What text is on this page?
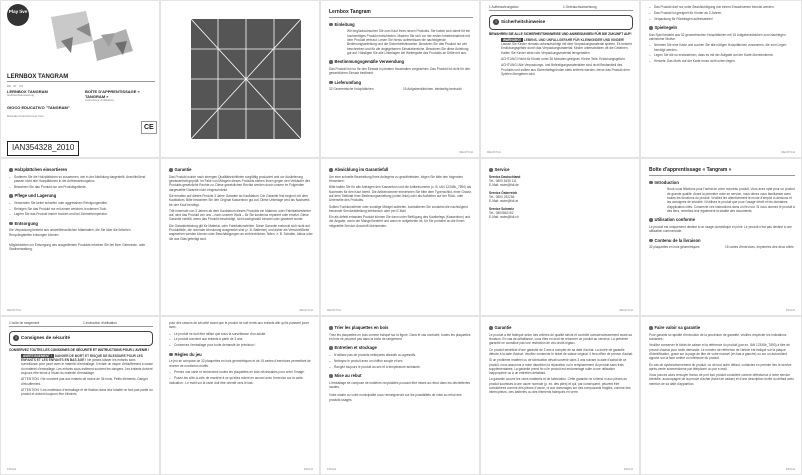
Play tive
LERNBOX TANGRAM
DE · AT · CH
LERNBOX TANGRAM
Gebrauchsanweisung
BOÎTE D'APPRENTISSAGE « TANGRAM »
Instructions d'utilisation
GIOCO EDUCATIVO "TANGRAM"
Manuale di istruzioni per l'uso
CE
IAN354328_2010
Lernbox Tangram
Einleitung

Wir beglückwünschen Sie zum Kauf Ihres neuen Produkts. Sie haben sich damit für ein hochwertiges Produkt entschieden. Machen Sie sich vor der ersten Inbetriebnahme mit dem Produkt vertraut. Lesen Sie hierzu aufmerksam die nachfolgende Bedienungsanleitung und die Sicherheitshinweise. Benutzen Sie das Produkt nur wie beschrieben und für die angegebenen Einsatzbereiche. Bewahren Sie diese Anleitung gut auf. Händigen Sie alle Unterlagen bei Weitergabe des Produkts an Dritte mit aus.

Bestimmungsgemäße Verwendung

Das Produkt ist nur für den Einsatz in privaten Haushalten vorgesehen. Das Produkt ist nicht für den gewerblichen Einsatz bestimmt.

Lieferumfang
32 Geometrische Holzplättchen	15 Aufgabenkärtchen, beidseitig bedruckt
DE/AT/CH
1 Aufbewahrungsbox	1 Gebrauchsanweisung
! Sicherheitshinweise

BEWAHREN SIE ALLE SICHERHEITSHINWEISE UND ANWEISUNGEN FÜR DIE ZUKUNFT AUF!

WARNUNG! LEBENS- UND UNFALLGEFAHR FÜR KLEINKINDER UND KINDER! Lassen Sie Kinder niemals unbeaufsichtigt mit dem Verpackungsmaterial spielen. Es besteht Erstickungsgefahr durch das Verpackungsmaterial. Kinder unterschätzen oft die Gefahren. Halten Sie Kinder stets vom Verpackungsmaterial ferngehalten.

ACHTUNG! Nicht für Kinder unter 36 Monaten geeignet. Kleine Teile. Erstickungsgefahr.

ACHTUNG! Alle Verpackungs- und Befestigungsmaterialien sind nicht Bestandteil des Produkts und sollten aus Sicherheitsgründen stets entfernt werden, bevor das Produkt dem Spielen übergeben wird.

DE/AT/CH
– Das Produkt darf nur unter Beaufsichtigung von einem Erwachsenen benutzt werden.
– Das Produkt ist geeignet für Kinder ab 3 Jahren.
– Verpackung für Rückfragen aufbewahren!
Spielregeln

Das Spiel besteht aus 32 geometrischen Holzplättchen mit 15 Aufgabenkärtchen zum Nachlegen zahlreicher Motive.

– Nehmen Sie eine Karte und suchen Sie alle nötigen Holzplättchen zusammen, die zum Legen benötigt werden.
– Legen Sie die so erstandenen, dass es mit der Aufgabe auf der Karte übereinstimmt.
– Hinweis: Das Motiv auf der Karte muss nicht unten liegen.
DE/AT/CH
Holzplättchen einsortieren
– Sortieren Sie die Holzplättchen so zusammen, wie in der Abbildung dargestellt. Anschließend passen nicht alle Holzplättchen in die Aufbewahrungsbox.
– Bewahren Sie das Produkt nur am Produktgelände.
Pflege und Lagerung
– Verwenden Sie keine scharfen oder aggressiven Reinigungsmittel.
– Reinigen Sie das Produkt nur mit einem weichen, trockenen Tuch.
– Lagern Sie das Produkt immer trocken und bei Zimmertemperatur.
Entsorgung

Die Verpackung besteht aus umweltfreundlichen Materialien, die Sie über die örtlichen Recyclingstellen entsorgen können.

Möglichkeiten zur Entsorgung des ausgedienten Produkts erfahren Sie bei Ihrer Gemeinde- oder Stadtverwaltung.

DE/AT/CH
Garantie

Das Produkt wurde nach strengen Qualitätsrichtlinien sorgfältig produziert und vor Auslieferung gewissenhaft geprüft. Im Falle von Mängeln dieses Produkts stehen Ihnen gegen den Verkäufer des Produkts gesetzliche Rechte zu. Diese gesetzlichen Rechte werden durch unsere im Folgenden dargestellte Garantie nicht eingeschränkt.

Sie erhalten auf dieses Produkt 3 Jahre Garantie ab Kaufdatum. Die Garantie frist beginnt mit dem Kaufdatum. Bitte bewahren Sie den Original Kassenbon gut auf. Diese Unterlage wird als Nachweis für den Kauf benötigt.

Tritt innerhalb von 3 Jahren ab dem Kaufdatum dieses Produkts ein Material- oder Fabrikationsfehler auf, wird das Produkt von uns – nach unserer Wahl – für Sie kostenlos repariert oder ersetzt. Diese Garantie verfällt, wenn das Produkt beschädigt, nicht sachgemäß benutzt oder gewartet wurde.

Die Garantieleistung gilt für Material- oder Fabrikationsfehler. Diese Garantie erstreckt sich nicht auf Produktteile, die normaler Abnutzung ausgesetzt sind (z. B. Batterien) und daher als Verschleißteile angesehen werden können oder Beschädigungen an zerbrechlichen Teilen, z. B. Schalter, Akkus oder die aus Glas gefertigt sind.

DE/AT/CH
Abwicklung im Garantiefall

Um eine schnelle Bearbeitung Ihres Anliegens zu gewährleisten, folgen Sie bitte den folgenden Hinweisen:

Bitte halten Sie für alle Anfragen den Kassenbon und die Artikelnummer (z. B. IAN 12345b_7890) als Nachweis für den Kauf bereit. Die Artikelnummer entnehmen Sie bitte dem Typenschild, einer Gravur, auf dem Titelblatt Ihrer Bedienungsanleitung (unten links) oder als Aufkleber auf der Rück- oder Unterseite des Produkts.

Sollten Funktionsfehler oder sonstige Mängel auftreten, kontaktieren Sie zunächst die nachfolgend benannte Serviceabteilung telefonisch oder per E-Mail.

Ein als defekt erfasstes Produkt können Sie dann unter Beifügung des Kaufbelegs (Kassenbon) und der Angabe, worin der Mangel besteht und wann er aufgetreten ist, für Sie portofrei an die Ihnen mitgeteilte Service-Anschrift übersenden.

DE/AT/CH
Service
Service Deutschland
Tel.: 0800 5435 111
E-Mail: owim@lidl.de
Service Österreich
Tel.: 0800 292256
E-Mail: owim@lidl.at
Service Schweiz
Tel.: 0800562152
E-Mail: owim@lidl.ch
DE/AT/CH
Boîte d'apprentissage « Tangram »
Introduction

Nous vous félicitons pour l'achat de votre nouveau produit. Vous avez opté pour un produit de grande qualité. Avant la première mise en service, nous devez vous familiariser avec toutes les fonctions du produit. Veuillez lire attentivement le mode d'emploi ci-dessous et les consignes de sécurité. N'utilisez le produit que pour l'usage décrit et les domaines d'application cités. Conserver ces instructions dans un lieu sûr. Si vous donnez le produit à des tiers, remettez-leur également la totalité des documents.

Utilisation conforme

Le produit est uniquement destiné à un usage domestique et privé. Le produit n'est pas destiné à une utilisation commerciale.

Contenu de la livraison
32 plaquettes en bois géométriques	15 cartes d'exercices, imprimées des deux côtés
FR/CH
1 boîte de rangement	1 instruction d'utilisation
! Consignes de sécurité

CONSERVEZ TOUTES LES CONSIGNES DE SÉCURITÉ ET INSTRUCTIONS POUR L'AVENIR !

AVERTISSEMENT ! DANGER DE MORT ET RISQUE DE BLESSURE POUR LES ENFANTS ET LES ENFANTS EN BAS ÂGE ! Ne jamais laisser les enfants sans surveillance pour jouer avec le matériel d'emballage. Il existe un risque d'étouffement à cause du matériel d'emballage. Les enfants sous-estiment souvent les dangers. Les enfants doivent toujours être tenus à l'écart du matériel d'emballage.

ATTENTION ! Ne convient pas aux enfants de moins de 36 mois. Petits éléments. Danger d'étouffement.

ATTENTION ! Les matériaux d'emballage et de fixation dans leur totalité ne font pas partie du produit et doivent toujours être éliminés

FR/CH

pour des raisons de sécurité avant que le produit ne soit remis aux enfants afin qu'ils puissent jouer avec.

– Le produit ne doit être utilisé que sous la surveillance d'un adulte.
– Le produit convient aux enfants à partir de 3 ans.
– Conservez l'emballage pour toute demande de précision !
Règles du jeu

Le jeu se compose de 32 plaquettes en bois géométriques et de 15 cartes d'exercices permettant de recréer de nombreux motifs.

– Prenez une carte et recherchez toutes les plaquettes en bois nécessaires pour créer l'image.
– Posez-les côte-à-côte de manière à ce qu'elles soient en accord avec l'exercice sur la carte.

Indication : Le motif sur la carte doit être orienté vers le bas.

FR/CH
Trier les plaquettes en bois

Triez les plaquettes en bois comme indiqué sur la figure. Dans le cas contraire, toutes les plaquettes en bois ne peuvent pas dans la boîte de rangement.

Entretien et stockage
– N'utilisez pas de produits nettoyants abrasifs ou agressifs.
– Nettoyez le produit avec un chiffon souple et sec.
– Rangez toujours le produit au sec et à température ambiante.
Mise au rebut

L'emballage se compose de matières recyclables pouvant être mises au rebut dans les déchetteries locales.

Votre mairie ou votre municipalité vous renseigneront sur les possibilités de mise au rebut des produits usagés.

FR/CH
Garantie

Le produit a été fabriqué selon des critères de qualité stricts et contrôlé consciencieusement avant sa livraison. En cas de défaillance, vous êtes en droit de retourner ce produit au vendeur. La présente garantie ne constitue pas une restriction de vos droits légaux.

Ce produit bénéficie d'une garantie de 3 ans à compter de sa date d'achat. La durée de garantie débute à la date d'achat. Veuillez conserver le ticket de caisse original. Il fera office de preuve d'achat.

Si un problème matériel ou de fabrication devait survenir dans 3 ans suivant la date d'achat de ce produit, nous assurons à notre discrétion la réparation ou le remplacement du produit sans frais supplémentaires. La garantie prend fin si le produit est endommagé suite à une utilisation inappropriée ou à un entretien défaillant.

La garantie couvre les vices matériels et de fabrication. Cette garantie ne s'étend ni aux pièces du produit soumises à une usure normale (p. ex. des piles) et qui, par conséquent, peuvent être considérées comme des pièces d'usure, ni aux dommages sur des composants fragiles, comme des interrupteurs, des batteries ou des éléments fabriqués en verre.

FR/CH
Faire valoir sa garantie

Pour garantir la rapidité d'exécution de la procédure de garantie, veuillez respecter les indications suivantes :

Veuillez conserver le ticket de caisse et la référence du produit (par ex. IAN 12345b_7890) à titre de preuve d'achat pour toute demande. Le numéro de référence de l'article est indiqué sur la plaque d'identification, gravé sur la page de titre de votre manuel (en bas à gauche) ou sur un autocollant apposé sur la face arrière ou inférieure du produit.

En cas de dysfonctionnement du produit, ou de tout autre défaut, contactez en premier lieu le service après-vente susmentionné par téléphone ou par e-mail.

Vous pouvez alors renvoyer franco de port tout produit considéré comme défectueux à notre service clientèle, accompagné de la preuve d'achat (ticket de caisse) et d'une description écrite du défaut avec mention de sa date d'apparition.

FR/CH
